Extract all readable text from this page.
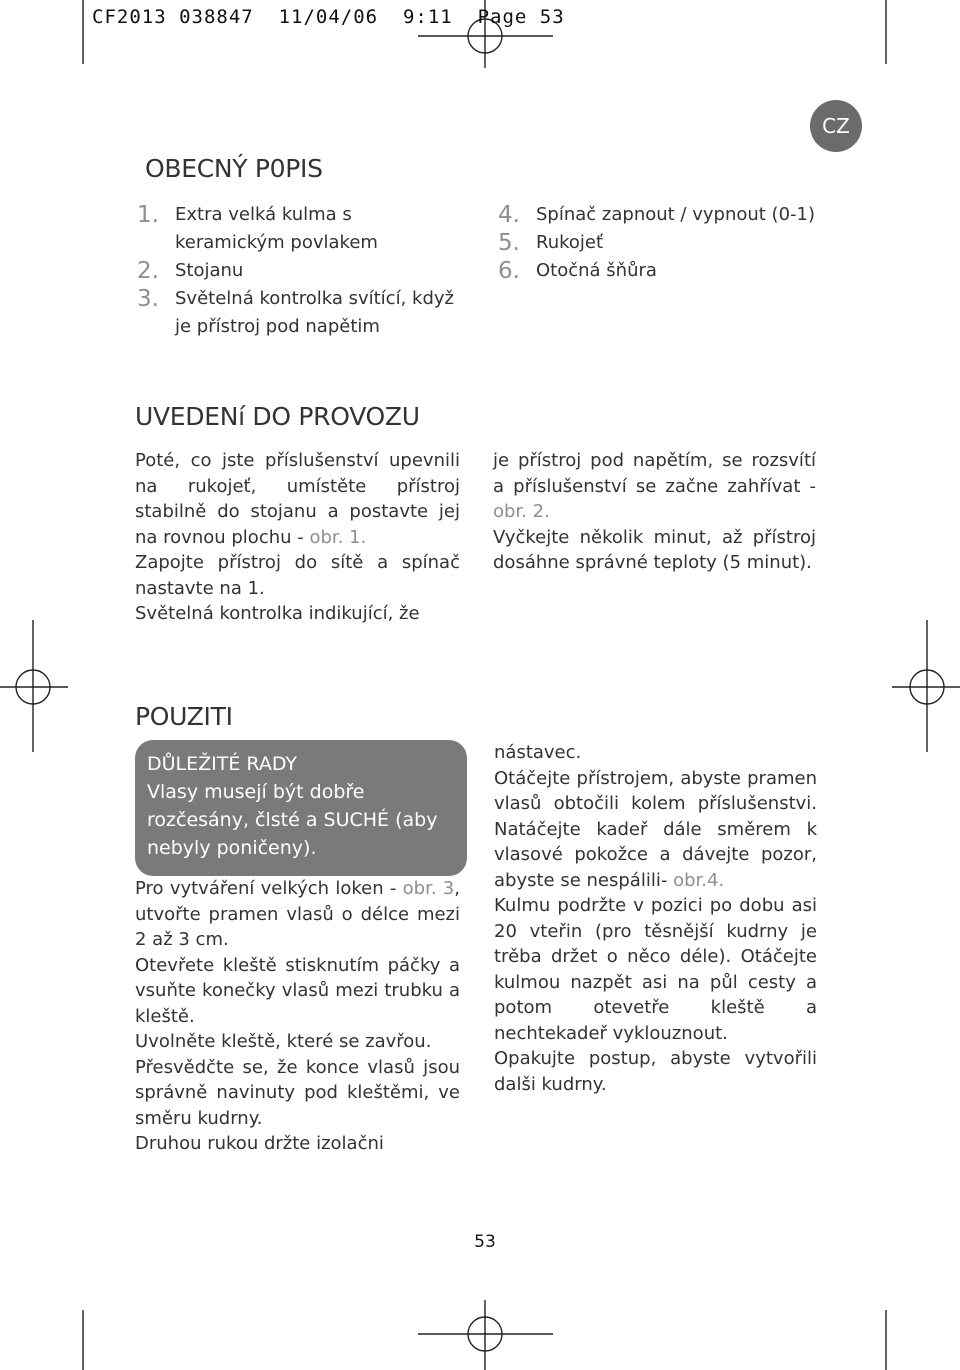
CF2013 038847  11/04/06  9:11  Page 53
CZ
OBECNÝ P0PIS
1. Extra velká kulma s keramickým povlakem
2. Stojanu
3. Světelná kontrolka svítící, když je přístroj pod napětim
4. Spínač zapnout / vypnout (0-1)
5. Rukojeť
6. Otočná šňůra
UVEDENí DO PROVOZU

Poté, co jste příslušenství upevnili na rukojeť, umístěte přístroj stabilně do stojanu a postavte jej na rovnou plochu - obr. 1.

Zapojte přístroj do sítě a spínač nastavte na 1.

Světelná kontrolka indikující, že

je přístroj pod napětím, se rozsvítí a příslušenství se začne zahřívat - obr. 2.

Vyčkejte několik minut, až přístroj dosáhne správné teploty (5 minut).

POUZITI
DŮLEŽITÉ RADY
Vlasy musejí být dobře rozčesány, člsté a SUCHÉ (aby nebyly poničeny).

Pro vytváření velkých loken - obr. 3, utvořte pramen vlasů o délce mezi 2 až 3 cm.

Otevřete kleště stisknutím páčky a vsuňte konečky vlasů mezi trubku a kleště.

Uvolněte kleště, které se zavřou.

Přesvědčte se, že konce vlasů jsou správně navinuty pod kleštěmi, ve směru kudrny.

Druhou rukou držte izolačni

nástavec.

Otáčejte přístrojem, abyste pramen vlasů obtočili kolem příslušenstvi. Natáčejte kadeř dále směrem k vlasové pokožce a dávejte pozor, abyste se nespálili- obr.4.

Kulmu podržte v pozici po dobu asi 20 vteřin (pro těsnější kudrny je trěba držet o něco déle). Otáčejte kulmou nazpět asi na půl cesty a potom otevetře kleště a nechtekadeř vyklouznout.

Opakujte postup, abyste vytvořili dalši kudrny.

53
